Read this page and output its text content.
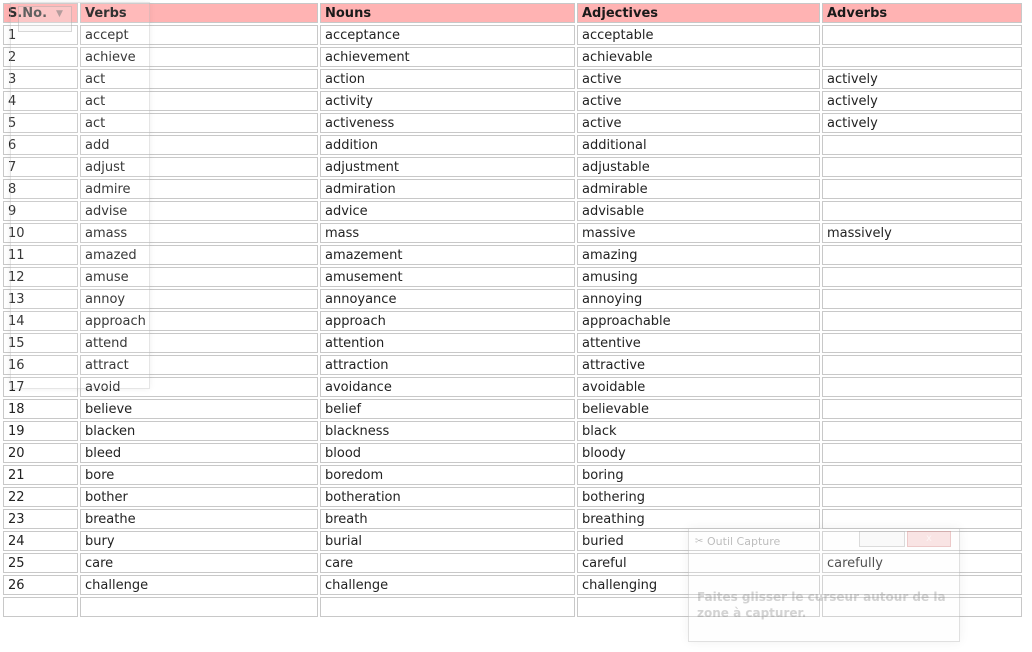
S.No.	Verbs	Nouns	Adjectives	Adverbs
1	accept	acceptance	acceptable	
2	achieve	achievement	achievable	
3	act	action	active	actively
4	act	activity	active	actively
5	act	activeness	active	actively
6	add	addition	additional	
7	adjust	adjustment	adjustable	
8	admire	admiration	admirable	
9	advise	advice	advisable	
10	amass	mass	massive	massively
11	amazed	amazement	amazing	
12	amuse	amusement	amusing	
13	annoy	annoyance	annoying	
14	approach	approach	approachable	
15	attend	attention	attentive	
16	attract	attraction	attractive	
17	avoid	avoidance	avoidable	
18	believe	belief	believable	
19	blacken	blackness	black	
20	bleed	blood	bloody	
21	bore	boredom	boring	
22	bother	botheration	bothering	
23	breathe	breath	breathing	
24	bury	burial	buried	
25	care	care	careful	carefully
26	challenge	challenge	challenging	

▼
✂ Outil Capture	x
Faites glisser le curseur autour de la zone à capturer.
